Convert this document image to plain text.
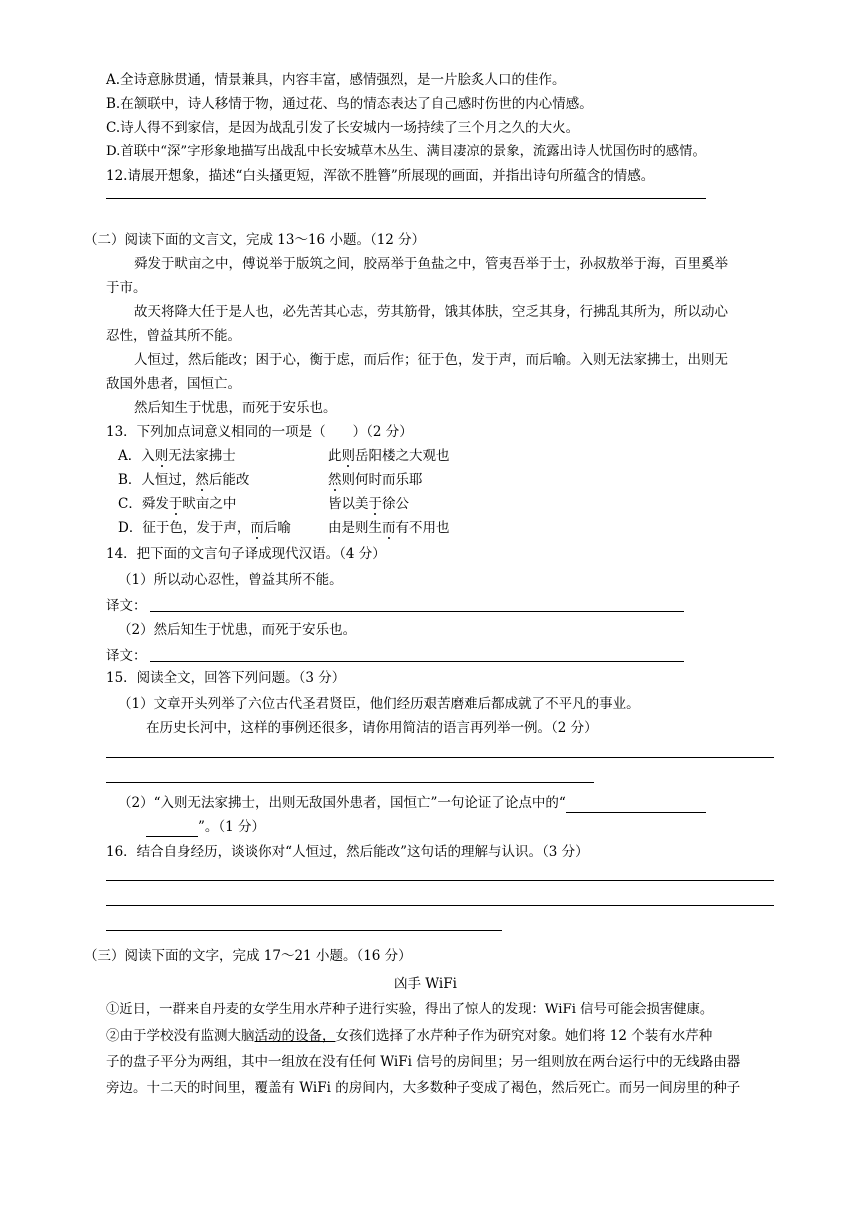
A.全诗意脉贯通，情景兼具，内容丰富，感情强烈，是一片脍炙人口的佳作。
B.在颔联中，诗人移情于物，通过花、鸟的情态表达了自己感时伤世的内心情感。
C.诗人得不到家信，是因为战乱引发了长安城内一场持续了三个月之久的大火。
D.首联中“深”字形象地描写出战乱中长安城草木丛生、满目凄凉的景象，流露出诗人忧国伤时的感情。
12.请展开想象，描述“白头搔更短，浑欲不胜簪”所展现的画面，并指出诗句所蕴含的情感。
（二）阅读下面的文言文，完成 13～16 小题。（12 分）
舜发于畎亩之中，傅说举于版筑之间，胶鬲举于鱼盐之中，管夷吾举于士，孙叔敖举于海，百里奚举
于市。
故天将降大任于是人也，必先苦其心志，劳其筋骨，饿其体肤，空乏其身，行拂乱其所为，所以动心
忍性，曾益其所不能。
人恒过，然后能改；困于心，衡于虑，而后作；征于色，发于声，而后喻。入则无法家拂士，出则无
敌国外患者，国恒亡。
然后知生于忧患，而死于安乐也。
13．下列加点词意义相同的一项是（　　）（2 分）
A．入则无法家拂士	此则岳阳楼之大观也
B．人恒过，然后能改	然则何时而乐耶
C．舜发于畎亩之中	皆以美于徐公
D．征于色，发于声，而后喻	由是则生而有不用也
14．把下面的文言句子译成现代汉语。（4 分）
（1）所以动心忍性，曾益其所不能。
译文：
（2）然后知生于忧患，而死于安乐也。
译文：
15．阅读全文，回答下列问题。（3 分）
（1）文章开头列举了六位古代圣君贤臣，他们经历艰苦磨难后都成就了不平凡的事业。
在历史长河中，这样的事例还很多，请你用简洁的语言再列举一例。（2 分）
（2）“入则无法家拂士，出则无敌国外患者，国恒亡”一句论证了论点中的“
”。（1 分）
16．结合自身经历，谈谈你对“人恒过，然后能改”这句话的理解与认识。（3 分）
（三）阅读下面的文字，完成 17～21 小题。（16 分）
凶手 WiFi
①近日，一群来自丹麦的女学生用水芹种子进行实验，得出了惊人的发现：WiFi 信号可能会损害健康。
②由于学校没有监测大脑活动的设备，女孩们选择了水芹种子作为研究对象。她们将 12 个装有水芹种
子的盘子平分为两组，其中一组放在没有任何 WiFi 信号的房间里；另一组则放在两台运行中的无线路由器
旁边。十二天的时间里，覆盖有 WiFi 的房间内，大多数种子变成了褐色，然后死亡。而另一间房里的种子
